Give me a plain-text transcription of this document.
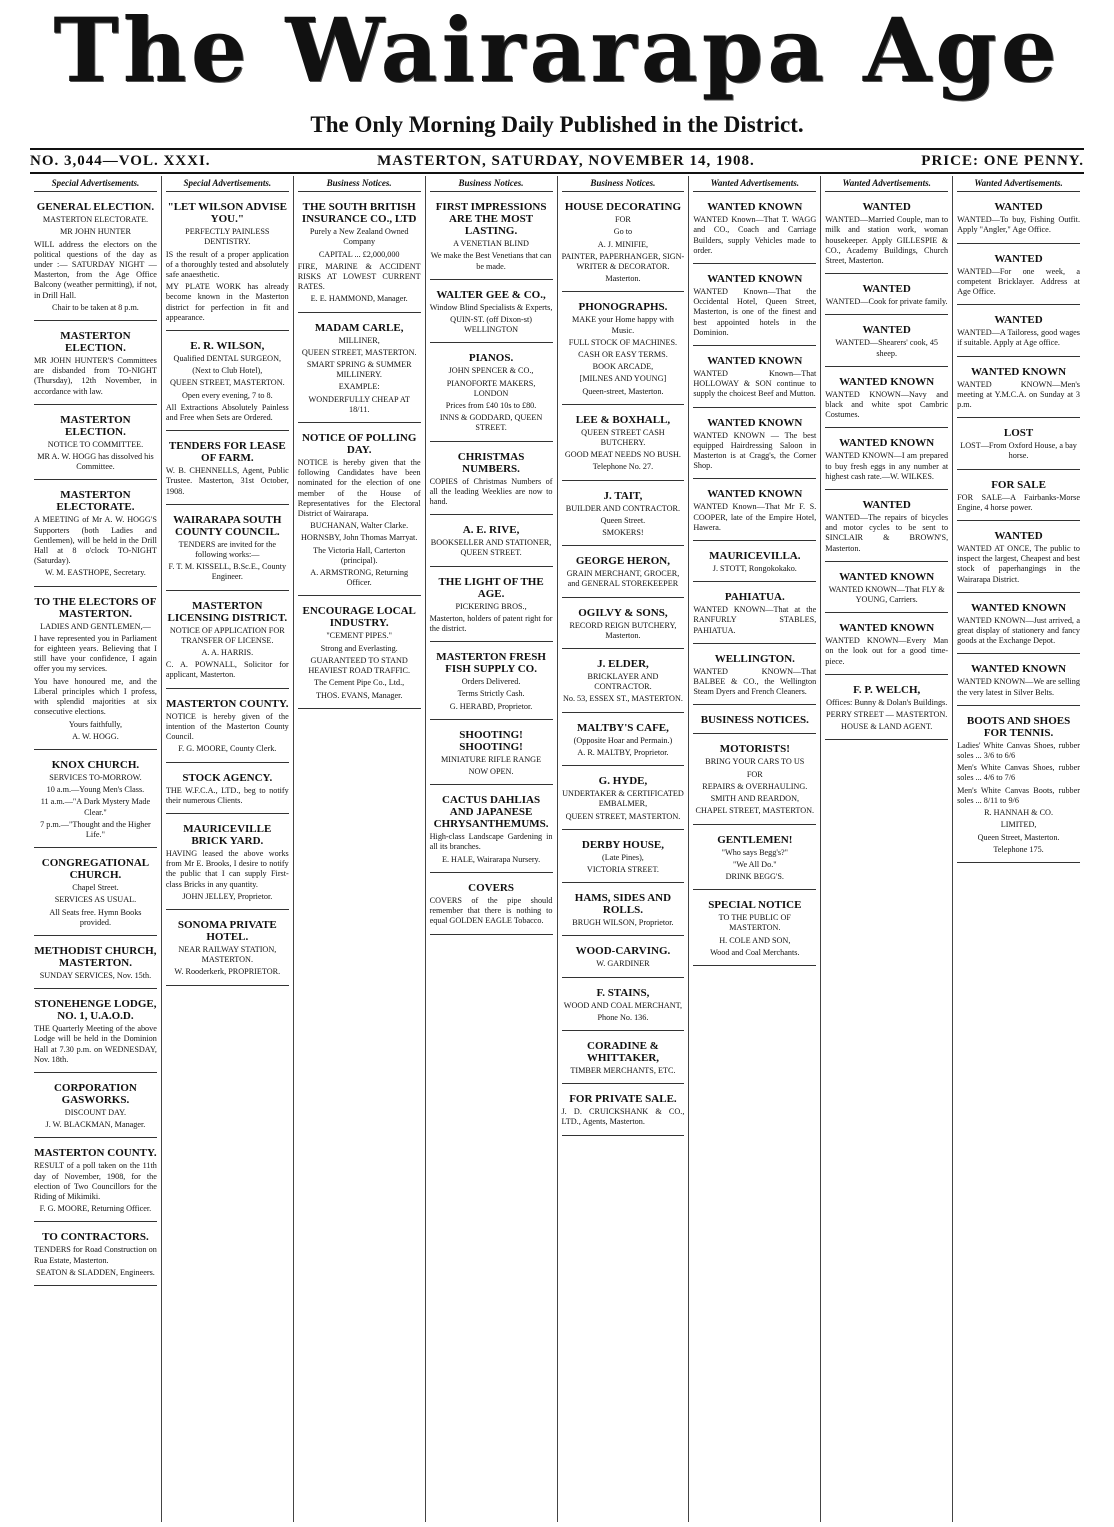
The Wairarapa Age
The Only Morning Daily Published in the District.
NO. 3,044—VOL. XXXI.	MASTERTON, SATURDAY, NOVEMBER 14, 1908.	PRICE: ONE PENNY.
Special Advertisements.
GENERAL ELECTION.

MASTERTON ELECTORATE.

MR JOHN HUNTER

WILL address the electors on the political questions of the day as under :— SATURDAY NIGHT — Masterton, from the Age Office Balcony (weather permitting), if not, in Drill Hall.

Chair to be taken at 8 p.m.

MASTERTON ELECTION.

MR JOHN HUNTER'S Committees are disbanded from TO-NIGHT (Thursday), 12th November, in accordance with law.

MASTERTON ELECTION.

NOTICE TO COMMITTEE.

MR A. W. HOGG has dissolved his Committee.

MASTERTON ELECTORATE.

A MEETING of Mr A. W. HOGG'S Supporters (both Ladies and Gentlemen), will be held in the Drill Hall at 8 o'clock TO-NIGHT (Saturday).

W. M. EASTHOPE, Secretary.

TO THE ELECTORS OF MASTERTON.

LADIES AND GENTLEMEN,—

I have represented you in Parliament for eighteen years. Believing that I still have your confidence, I again offer you my services.

You have honoured me, and the Liberal principles which I profess, with splendid majorities at six consecutive elections.

Yours faithfully,

A. W. HOGG.

KNOX CHURCH.

SERVICES TO-MORROW.

10 a.m.—Young Men's Class.

11 a.m.—"A Dark Mystery Made Clear."

7 p.m.—"Thought and the Higher Life."

CONGREGATIONAL CHURCH.

Chapel Street.

SERVICES AS USUAL.

All Seats free. Hymn Books provided.

METHODIST CHURCH, MASTERTON.

SUNDAY SERVICES, Nov. 15th.

STONEHENGE LODGE, NO. 1, U.A.O.D.

THE Quarterly Meeting of the above Lodge will be held in the Dominion Hall at 7.30 p.m. on WEDNESDAY, Nov. 18th.

CORPORATION GASWORKS.

DISCOUNT DAY.

J. W. BLACKMAN, Manager.

MASTERTON COUNTY.

RESULT of a poll taken on the 11th day of November, 1908, for the election of Two Councillors for the Riding of Mikimiki.

F. G. MOORE, Returning Officer.

TO CONTRACTORS.

TENDERS for Road Construction on Rua Estate, Masterton.

SEATON & SLADDEN, Engineers.

Special Advertisements.
"LET WILSON ADVISE YOU."

PERFECTLY PAINLESS DENTISTRY.

IS the result of a proper application of a thoroughly tested and absolutely safe anaesthetic.

MY PLATE WORK has already become known in the Masterton district for perfection in fit and appearance.

E. R. WILSON,

Qualified DENTAL SURGEON,

(Next to Club Hotel),

QUEEN STREET, MASTERTON.

Open every evening, 7 to 8.

All Extractions Absolutely Painless and Free when Sets are Ordered.

TENDERS FOR LEASE OF FARM.

W. B. CHENNELLS, Agent, Public Trustee. Masterton, 31st October, 1908.

WAIRARAPA SOUTH COUNTY COUNCIL.

TENDERS are invited for the following works:—

F. T. M. KISSELL, B.Sc.E., County Engineer.

MASTERTON LICENSING DISTRICT.

NOTICE OF APPLICATION FOR TRANSFER OF LICENSE.

A. A. HARRIS.

C. A. POWNALL, Solicitor for applicant, Masterton.

MASTERTON COUNTY.

NOTICE is hereby given of the intention of the Masterton County Council.

F. G. MOORE, County Clerk.

STOCK AGENCY.

THE W.F.C.A., LTD., beg to notify their numerous Clients.

MAURICEVILLE BRICK YARD.

HAVING leased the above works from Mr E. Brooks, I desire to notify the public that I can supply First-class Bricks in any quantity.

JOHN JELLEY, Proprietor.

SONOMA PRIVATE HOTEL.

NEAR RAILWAY STATION, MASTERTON.

W. Rooderkerk, PROPRIETOR.

Business Notices.
THE SOUTH BRITISH INSURANCE CO., LTD

Purely a New Zealand Owned Company

CAPITAL ... £2,000,000

FIRE, MARINE & ACCIDENT RISKS AT LOWEST CURRENT RATES.

E. E. HAMMOND, Manager.

MADAM CARLE,

MILLINER,

QUEEN STREET, MASTERTON.

SMART SPRING & SUMMER MILLINERY.

EXAMPLE:

WONDERFULLY CHEAP AT 18/11.

NOTICE OF POLLING DAY.

NOTICE is hereby given that the following Candidates have been nominated for the election of one member of the House of Representatives for the Electoral District of Wairarapa.

BUCHANAN, Walter Clarke.

HORNSBY, John Thomas Marryat.

The Victoria Hall, Carterton (principal).

A. ARMSTRONG, Returning Officer.

ENCOURAGE LOCAL INDUSTRY.

"CEMENT PIPES."

Strong and Everlasting.

GUARANTEED TO STAND HEAVIEST ROAD TRAFFIC.

The Cement Pipe Co., Ltd.,

THOS. EVANS, Manager.

Business Notices.
FIRST IMPRESSIONS ARE THE MOST LASTING.

A VENETIAN BLIND

We make the Best Venetians that can be made.

WALTER GEE & CO.,

Window Blind Specialists & Experts,

QUIN-ST. (off Dixon-st) WELLINGTON

PIANOS.

JOHN SPENCER & CO.,

PIANOFORTE MAKERS, LONDON

Prices from £40 10s to £80.

INNS & GODDARD, QUEEN STREET.

CHRISTMAS NUMBERS.

COPIES of Christmas Numbers of all the leading Weeklies are now to hand.

A. E. RIVE,

BOOKSELLER AND STATIONER, QUEEN STREET.

THE LIGHT OF THE AGE.

PICKERING BROS.,

Masterton, holders of patent right for the district.

MASTERTON FRESH FISH SUPPLY CO.

Orders Delivered.

Terms Strictly Cash.

G. HERABD, Proprietor.

SHOOTING! SHOOTING!

MINIATURE RIFLE RANGE

NOW OPEN.

CACTUS DAHLIAS AND JAPANESE CHRYSANTHEMUMS.

High-class Landscape Gardening in all its branches.

E. HALE, Wairarapa Nursery.

COVERS

COVERS of the pipe should remember that there is nothing to equal GOLDEN EAGLE Tobacco.

Business Notices.
HOUSE DECORATING

FOR

Go to

A. J. MINIFIE,

PAINTER, PAPERHANGER, SIGN-WRITER & DECORATOR.

Masterton.

PHONOGRAPHS.

MAKE your Home happy with Music.

FULL STOCK OF MACHINES.

CASH OR EASY TERMS.

BOOK ARCADE,

[MILNES AND YOUNG]

Queen-street, Masterton.

LEE & BOXHALL,

QUEEN STREET CASH BUTCHERY.

GOOD MEAT NEEDS NO BUSH.

Telephone No. 27.

J. TAIT,

BUILDER AND CONTRACTOR.

Queen Street.

SMOKERS!

GEORGE HERON,

GRAIN MERCHANT, GROCER, and GENERAL STOREKEEPER

OGILVY & SONS,

RECORD REIGN BUTCHERY, Masterton.

J. ELDER,

BRICKLAYER AND CONTRACTOR.

No. 53, ESSEX ST., MASTERTON.

MALTBY'S CAFE,

(Opposite Hoar and Permain.)

A. R. MALTBY, Proprietor.

G. HYDE,

UNDERTAKER & CERTIFICATED EMBALMER,

QUEEN STREET, MASTERTON.

DERBY HOUSE,

(Late Pines),

VICTORIA STREET.

HAMS, SIDES AND ROLLS.

BRUGH WILSON, Proprietor.

WOOD-CARVING.

W. GARDINER

F. STAINS,

WOOD AND COAL MERCHANT,

Phone No. 136.

CORADINE & WHITTAKER,

TIMBER MERCHANTS, ETC.

FOR PRIVATE SALE.

J. D. CRUICKSHANK & CO., LTD., Agents, Masterton.

Wanted Advertisements.
WANTED KNOWN

WANTED Known—That T. WAGG and CO., Coach and Carriage Builders, supply Vehicles made to order.

WANTED KNOWN

WANTED Known—That the Occidental Hotel, Queen Street, Masterton, is one of the finest and best appointed hotels in the Dominion.

WANTED KNOWN

WANTED Known—That HOLLOWAY & SON continue to supply the choicest Beef and Mutton.

WANTED KNOWN

WANTED KNOWN — The best equipped Hairdressing Saloon in Masterton is at Cragg's, the Corner Shop.

WANTED KNOWN

WANTED Known—That Mr F. S. COOPER, late of the Empire Hotel, Hawera.

MAURICEVILLA.

J. STOTT, Rongokokako.

PAHIATUA.

WANTED KNOWN—That at the RANFURLY STABLES, PAHIATUA.

WELLINGTON.

WANTED KNOWN—That BALBEE & CO., the Wellington Steam Dyers and French Cleaners.

BUSINESS NOTICES.
MOTORISTS!

BRING YOUR CARS TO US

FOR

REPAIRS & OVERHAULING.

SMITH AND REARDON,

CHAPEL STREET, MASTERTON.

GENTLEMEN!

"Who says Begg's?"

"We All Do."

DRINK BEGG'S.

SPECIAL NOTICE

TO THE PUBLIC OF MASTERTON.

H. COLE AND SON,

Wood and Coal Merchants.

Wanted Advertisements.
WANTED

WANTED—Married Couple, man to milk and station work, woman housekeeper. Apply GILLESPIE & CO., Academy Buildings, Church Street, Masterton.

WANTED

WANTED—Cook for private family.

WANTED

WANTED—Shearers' cook, 45 sheep.

WANTED KNOWN

WANTED KNOWN—Navy and black and white spot Cambric Costumes.

WANTED KNOWN

WANTED KNOWN—I am prepared to buy fresh eggs in any number at highest cash rate.—W. WILKES.

WANTED

WANTED—The repairs of bicycles and motor cycles to be sent to SINCLAIR & BROWN'S, Masterton.

WANTED KNOWN

WANTED KNOWN—That FLY & YOUNG, Carriers.

WANTED KNOWN

WANTED KNOWN—Every Man on the look out for a good time-piece.

F. P. WELCH,

Offices: Bunny & Dolan's Buildings.

PERRY STREET — MASTERTON.

HOUSE & LAND AGENT.

Wanted Advertisements.
WANTED

WANTED—To buy, Fishing Outfit. Apply "Angler," Age Office.

WANTED

WANTED—For one week, a competent Bricklayer. Address at Age Office.

WANTED

WANTED—A Tailoress, good wages if suitable. Apply at Age office.

WANTED KNOWN

WANTED KNOWN—Men's meeting at Y.M.C.A. on Sunday at 3 p.m.

LOST

LOST—From Oxford House, a bay horse.

FOR SALE

FOR SALE—A Fairbanks-Morse Engine, 4 horse power.

WANTED

WANTED AT ONCE, The public to inspect the largest, Cheapest and best stock of paperhangings in the Wairarapa District.

WANTED KNOWN

WANTED KNOWN—Just arrived, a great display of stationery and fancy goods at the Exchange Depot.

WANTED KNOWN

WANTED KNOWN—We are selling the very latest in Silver Belts.

BOOTS AND SHOES FOR TENNIS.

Ladies' White Canvas Shoes, rubber soles ... 3/6 to 6/6

Men's White Canvas Shoes, rubber soles ... 4/6 to 7/6

Men's White Canvas Boots, rubber soles ... 8/11 to 9/6

R. HANNAH & CO.

LIMITED,

Queen Street, Masterton.

Telephone 175.
